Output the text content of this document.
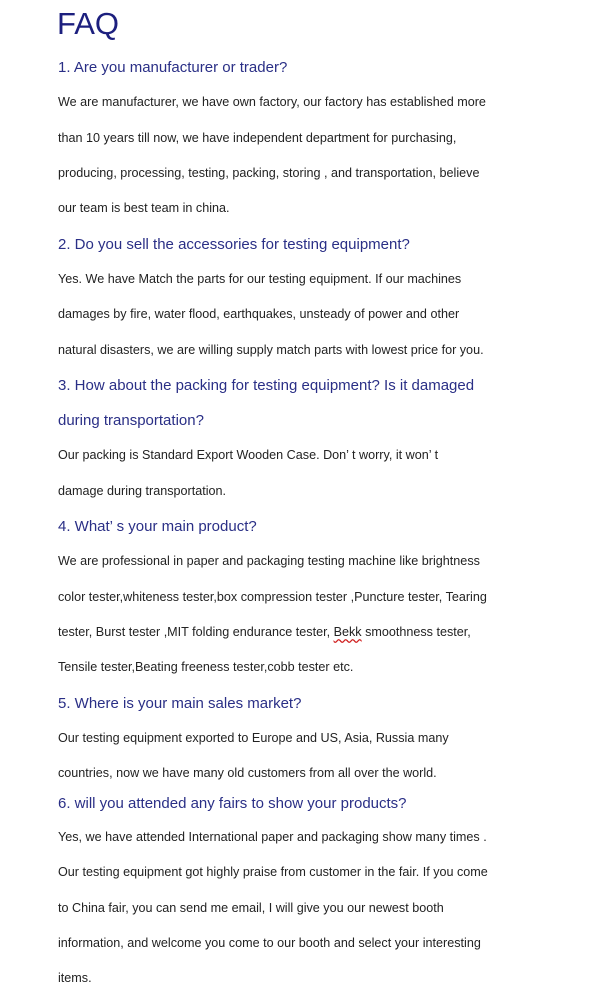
FAQ
1. Are you manufacturer or trader?
We are manufacturer, we have own factory, our factory has established more
than 10 years till now, we have independent department for purchasing,
producing, processing, testing, packing, storing , and transportation, believe
our team is best team in china.
2. Do you sell the accessories for testing equipment?
Yes. We have Match the parts for our testing equipment. If our machines
damages by fire, water flood, earthquakes, unsteady of power and other
natural disasters, we are willing supply match parts with lowest price for you.
3. How about the packing for testing equipment? Is it damaged
during transportation?
Our packing is Standard Export Wooden Case. Don’ t worry, it won’ t
damage during transportation.
4. What’ s your main product?
We are professional in paper and packaging testing machine like brightness
color tester,whiteness tester,box compression tester ,Puncture tester, Tearing
tester, Burst tester ,MIT folding endurance tester, Bekk smoothness tester,
Tensile tester,Beating freeness tester,cobb tester etc.
5. Where is your main sales market?
Our testing equipment exported to Europe and US, Asia, Russia many
countries, now we have many old customers from all over the world.
6. will you attended any fairs to show your products?
Yes, we have attended International paper and packaging show many times .
Our testing equipment got highly praise from customer in the fair. If you come
to China fair, you can send me email, I will give you our newest booth
information, and welcome you come to our booth and select your interesting
items.
